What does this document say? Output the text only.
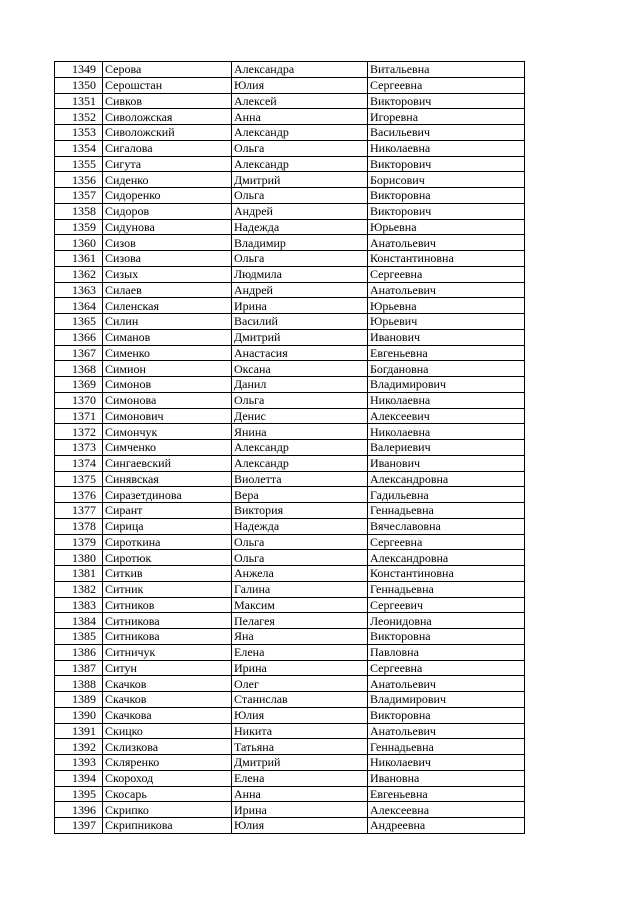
1349	Серова	Александра	Витальевна
1350	Серошстан	Юлия	Сергеевна
1351	Сивков	Алексей	Викторович
1352	Сиволожская	Анна	Игоревна
1353	Сиволожский	Александр	Васильевич
1354	Сигалова	Ольга	Николаевна
1355	Сигута	Александр	Викторович
1356	Сиденко	Дмитрий	Борисович
1357	Сидоренко	Ольга	Викторовна
1358	Сидоров	Андрей	Викторович
1359	Сидунова	Надежда	Юрьевна
1360	Сизов	Владимир	Анатольевич
1361	Сизова	Ольга	Константиновна
1362	Сизых	Людмила	Сергеевна
1363	Силаев	Андрей	Анатольевич
1364	Силенская	Ирина	Юрьевна
1365	Силин	Василий	Юрьевич
1366	Симанов	Дмитрий	Иванович
1367	Сименко	Анастасия	Евгеньевна
1368	Симион	Оксана	Богдановна
1369	Симонов	Данил	Владимирович
1370	Симонова	Ольга	Николаевна
1371	Симонович	Денис	Алексеевич
1372	Симончук	Янина	Николаевна
1373	Симченко	Александр	Валериевич
1374	Сингаевский	Александр	Иванович
1375	Синявская	Виолетта	Александровна
1376	Сиразетдинова	Вера	Гадильевна
1377	Сирант	Виктория	Геннадьевна
1378	Сирица	Надежда	Вячеславовна
1379	Сироткина	Ольга	Сергеевна
1380	Сиротюк	Ольга	Александровна
1381	Ситкив	Анжела	Константиновна
1382	Ситник	Галина	Геннадьевна
1383	Ситников	Максим	Сергеевич
1384	Ситникова	Пелагея	Леонидовна
1385	Ситникова	Яна	Викторовна
1386	Ситничук	Елена	Павловна
1387	Ситун	Ирина	Сергеевна
1388	Скачков	Олег	Анатольевич
1389	Скачков	Станислав	Владимирович
1390	Скачкова	Юлия	Викторовна
1391	Скицко	Никита	Анатольевич
1392	Склизкова	Татьяна	Геннадьевна
1393	Скляренко	Дмитрий	Николаевич
1394	Скороход	Елена	Ивановна
1395	Скосарь	Анна	Евгеньевна
1396	Скрипко	Ирина	Алексеевна
1397	Скрипникова	Юлия	Андреевна
